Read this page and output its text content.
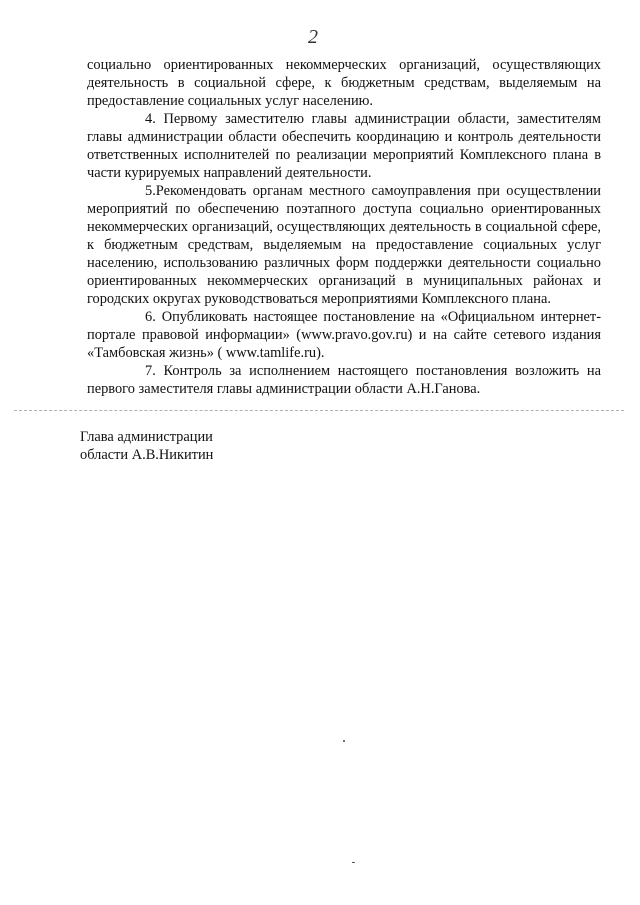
2

социально ориентированных некоммерческих организаций, осуществляющих деятельность в социальной сфере, к бюджетным средствам, выделяемым на предоставление социальных услуг населению.

4. Первому заместителю главы администрации области, заместителям главы администрации области обеспечить координацию и контроль деятельности ответственных исполнителей по реализации мероприятий Комплексного плана в части курируемых направлений деятельности.

5.Рекомендовать органам местного самоуправления при осуществлении мероприятий по обеспечению поэтапного доступа социально ориентированных некоммерческих организаций, осуществляющих деятельность в социальной сфере, к бюджетным средствам, выделяемым на предоставление социальных услуг населению, использованию различных форм поддержки деятельности социально ориентированных некоммерческих организаций в муниципальных районах и городских округах руководствоваться мероприятиями Комплексного плана.

6. Опубликовать настоящее постановление на «Официальном интернет-портале правовой информации» (www.pravo.gov.ru) и на сайте сетевого издания «Тамбовская жизнь» ( www.tamlife.ru).

7. Контроль за исполнением настоящего постановления возложить на первого заместителя главы администрации области А.Н.Ганова.

Глава администрации
области А.В.Никитин
